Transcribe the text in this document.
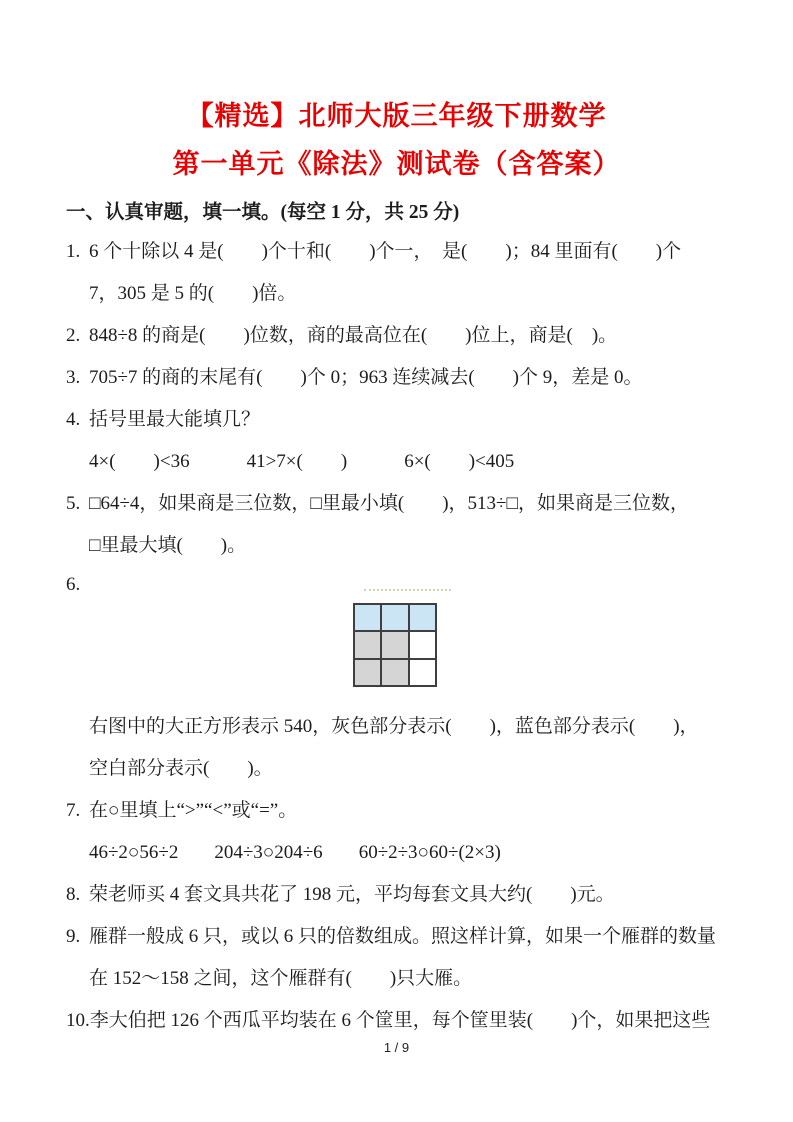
【精选】北师大版三年级下册数学
第一单元《除法》测试卷（含答案）
一、认真审题，填一填。(每空 1 分，共 25 分)
1. 6 个十除以 4 是(　　)个十和(　　)个一，　是(　　)；84 里面有(　　)个
7，305 是 5 的(　　)倍。
2. 848÷8 的商是(　　)位数，商的最高位在(　　)位上，商是(　)。
3. 705÷7 的商的末尾有(　　)个 0；963 连续减去(　　)个 9，差是 0。
4. 括号里最大能填几？
4×(　　)<36	41>7×(　　)	6×(　　)<405
5. □64÷4，如果商是三位数，□里最小填(　　)，513÷□，如果商是三位数，
□里最大填(　　)。
6.
右图中的大正方形表示 540，灰色部分表示(　　)，蓝色部分表示(　　)，
空白部分表示(　　)。
7. 在○里填上“>”“<”或“=”。
46÷2○56÷2 204÷3○204÷6 60÷2÷3○60÷(2×3)
8. 荣老师买 4 套文具共花了 198 元，平均每套文具大约(　　)元。
9. 雁群一般成 6 只，或以 6 只的倍数组成。照这样计算，如果一个雁群的数量
在 152～158 之间，这个雁群有(　　)只大雁。
10. 李大伯把 126 个西瓜平均装在 6 个筐里，每个筐里装(　　)个，如果把这些
1 / 9
